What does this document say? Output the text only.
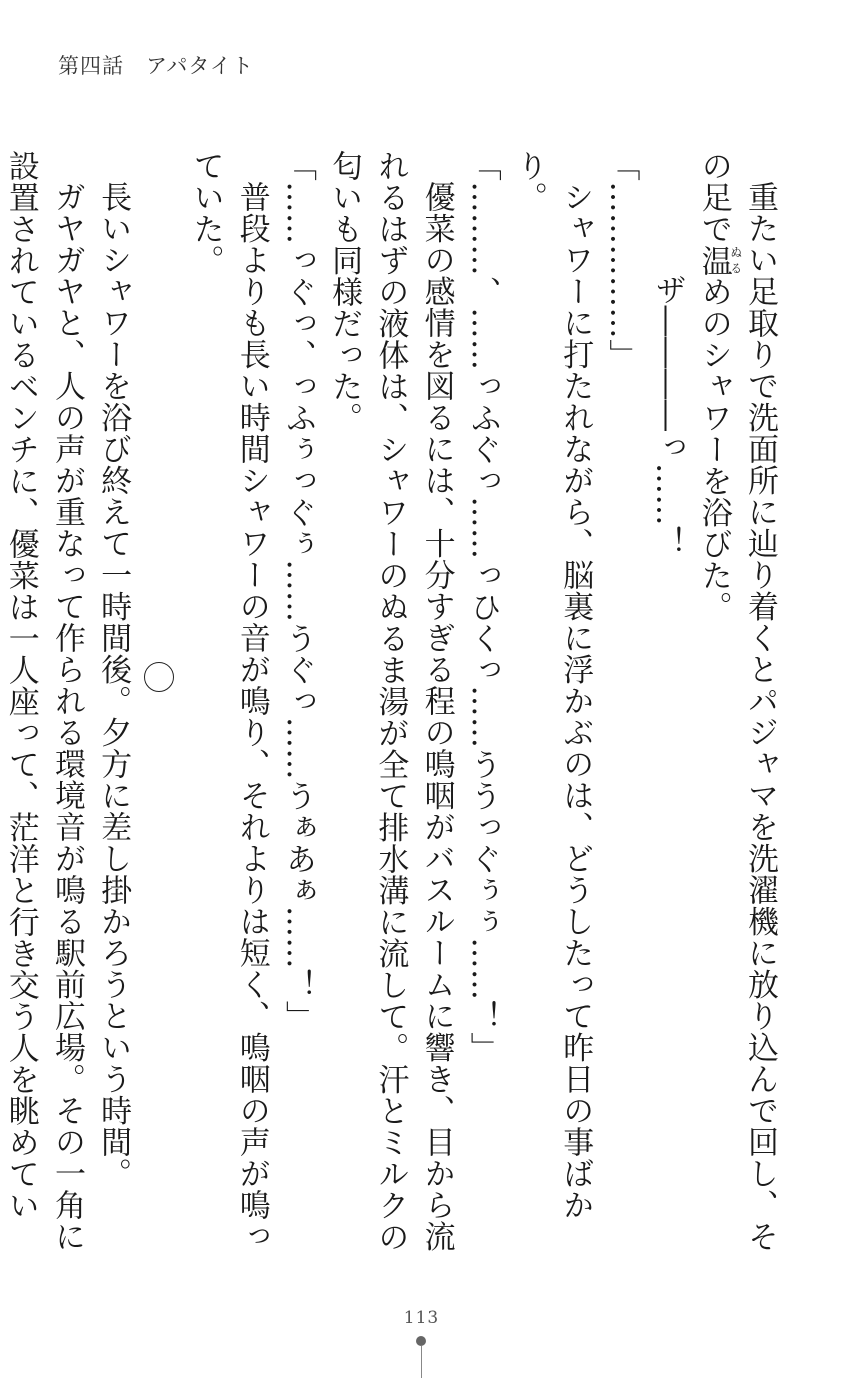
第四話　アパタイト

重たい足取りで洗面所に辿り着くとパジャマを洗濯機に放り込んで回し、その足で温ぬるめのシャワーを浴びた。

ザ――――っ……！

「……………」

シャワーに打たれながら、脳裏に浮かぶのは、どうしたって昨日の事ばかり。

「………、……っふぐっ……っひくっ……ううっぐぅぅ……！」

優菜の感情を図るには、十分すぎる程の鳴咽がバスルームに響き、目から流れるはずの液体は、シャワーのぬるま湯が全て排水溝に流して。汗とミルクの匂いも同様だった。

「……っぐっ、っふぅっぐぅ……うぐっ……うぁあぁ……！」

普段よりも長い時間シャワーの音が鳴り、それよりは短く、鳴咽の声が鳴っていた。

長いシャワーを浴び終えて一時間後。夕方に差し掛かろうという時間。

ガヤガヤと、人の声が重なって作られる環境音が鳴る駅前広場。その一角に設置されているベンチに、優菜は一人座って、茫洋と行き交う人を眺めてい

113
